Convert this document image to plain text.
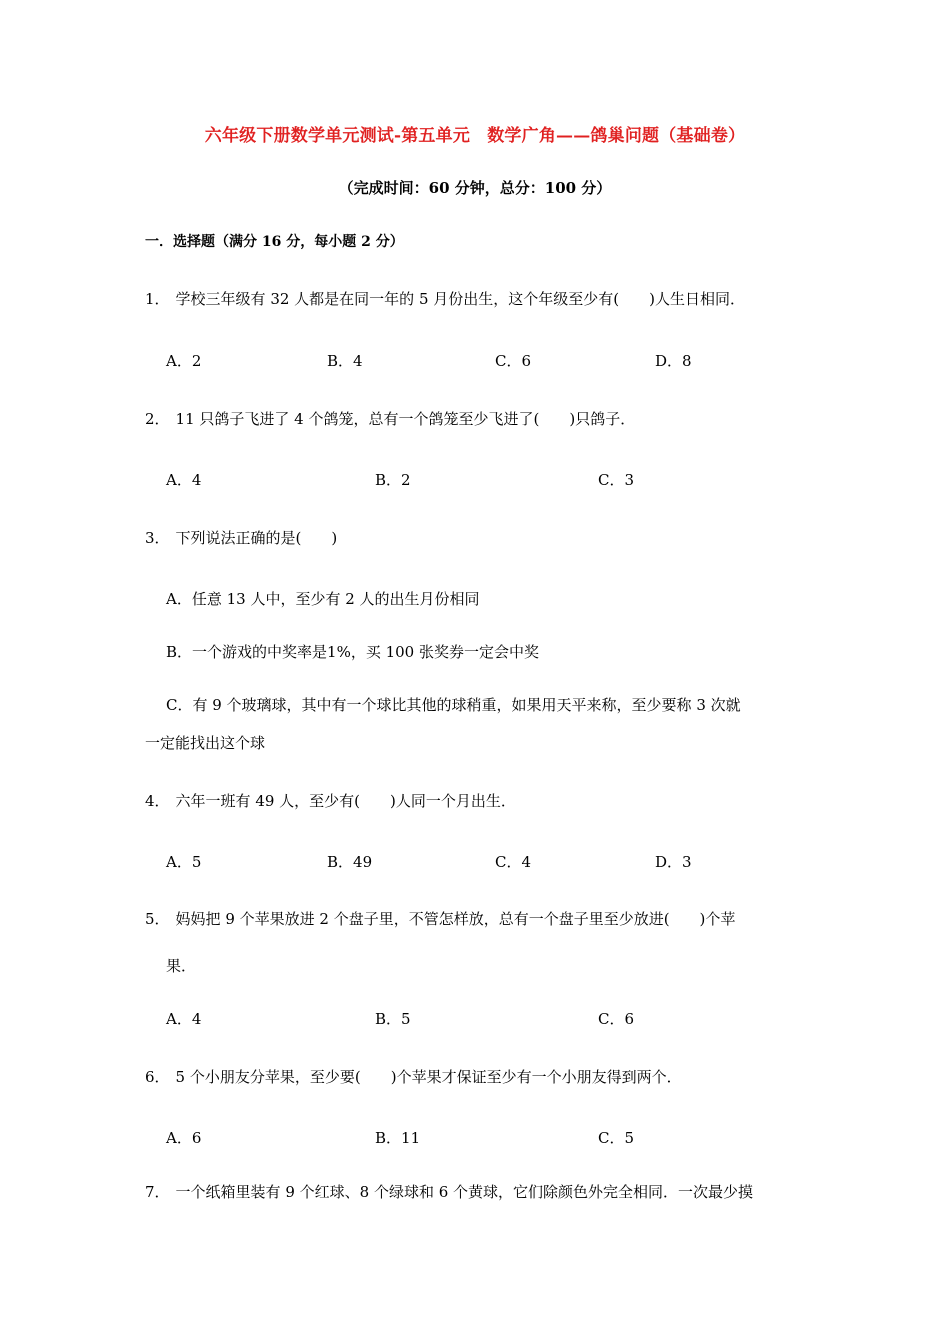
六年级下册数学单元测试-第五单元　数学广角——鸽巢问题（基础卷）
（完成时间：60 分钟，总分：100 分）
一．选择题（满分 16 分，每小题 2 分）
1． 学校三年级有 32 人都是在同一年的 5 月份出生，这个年级至少有(　　)人生日相同．
A．2	B．4	C．6	D．8
2． 11 只鸽子飞进了 4 个鸽笼，总有一个鸽笼至少飞进了(　　)只鸽子．
A．4	B．2	C．3
3． 下列说法正确的是(　　)
A．任意 13 人中，至少有 2 人的出生月份相同
B．一个游戏的中奖率是1%，买 100 张奖券一定会中奖
C．有 9 个玻璃球，其中有一个球比其他的球稍重，如果用天平来称，至少要称 3 次就
一定能找出这个球
4． 六年一班有 49 人，至少有(　　)人同一个月出生．
A．5	B．49	C．4	D．3
5． 妈妈把 9 个苹果放进 2 个盘子里，不管怎样放，总有一个盘子里至少放进(　　)个苹
果．
A．4	B．5	C．6
6． 5 个小朋友分苹果，至少要(　　)个苹果才保证至少有一个小朋友得到两个．
A．6	B．11	C．5
7． 一个纸箱里装有 9 个红球、8 个绿球和 6 个黄球，它们除颜色外完全相同．一次最少摸
